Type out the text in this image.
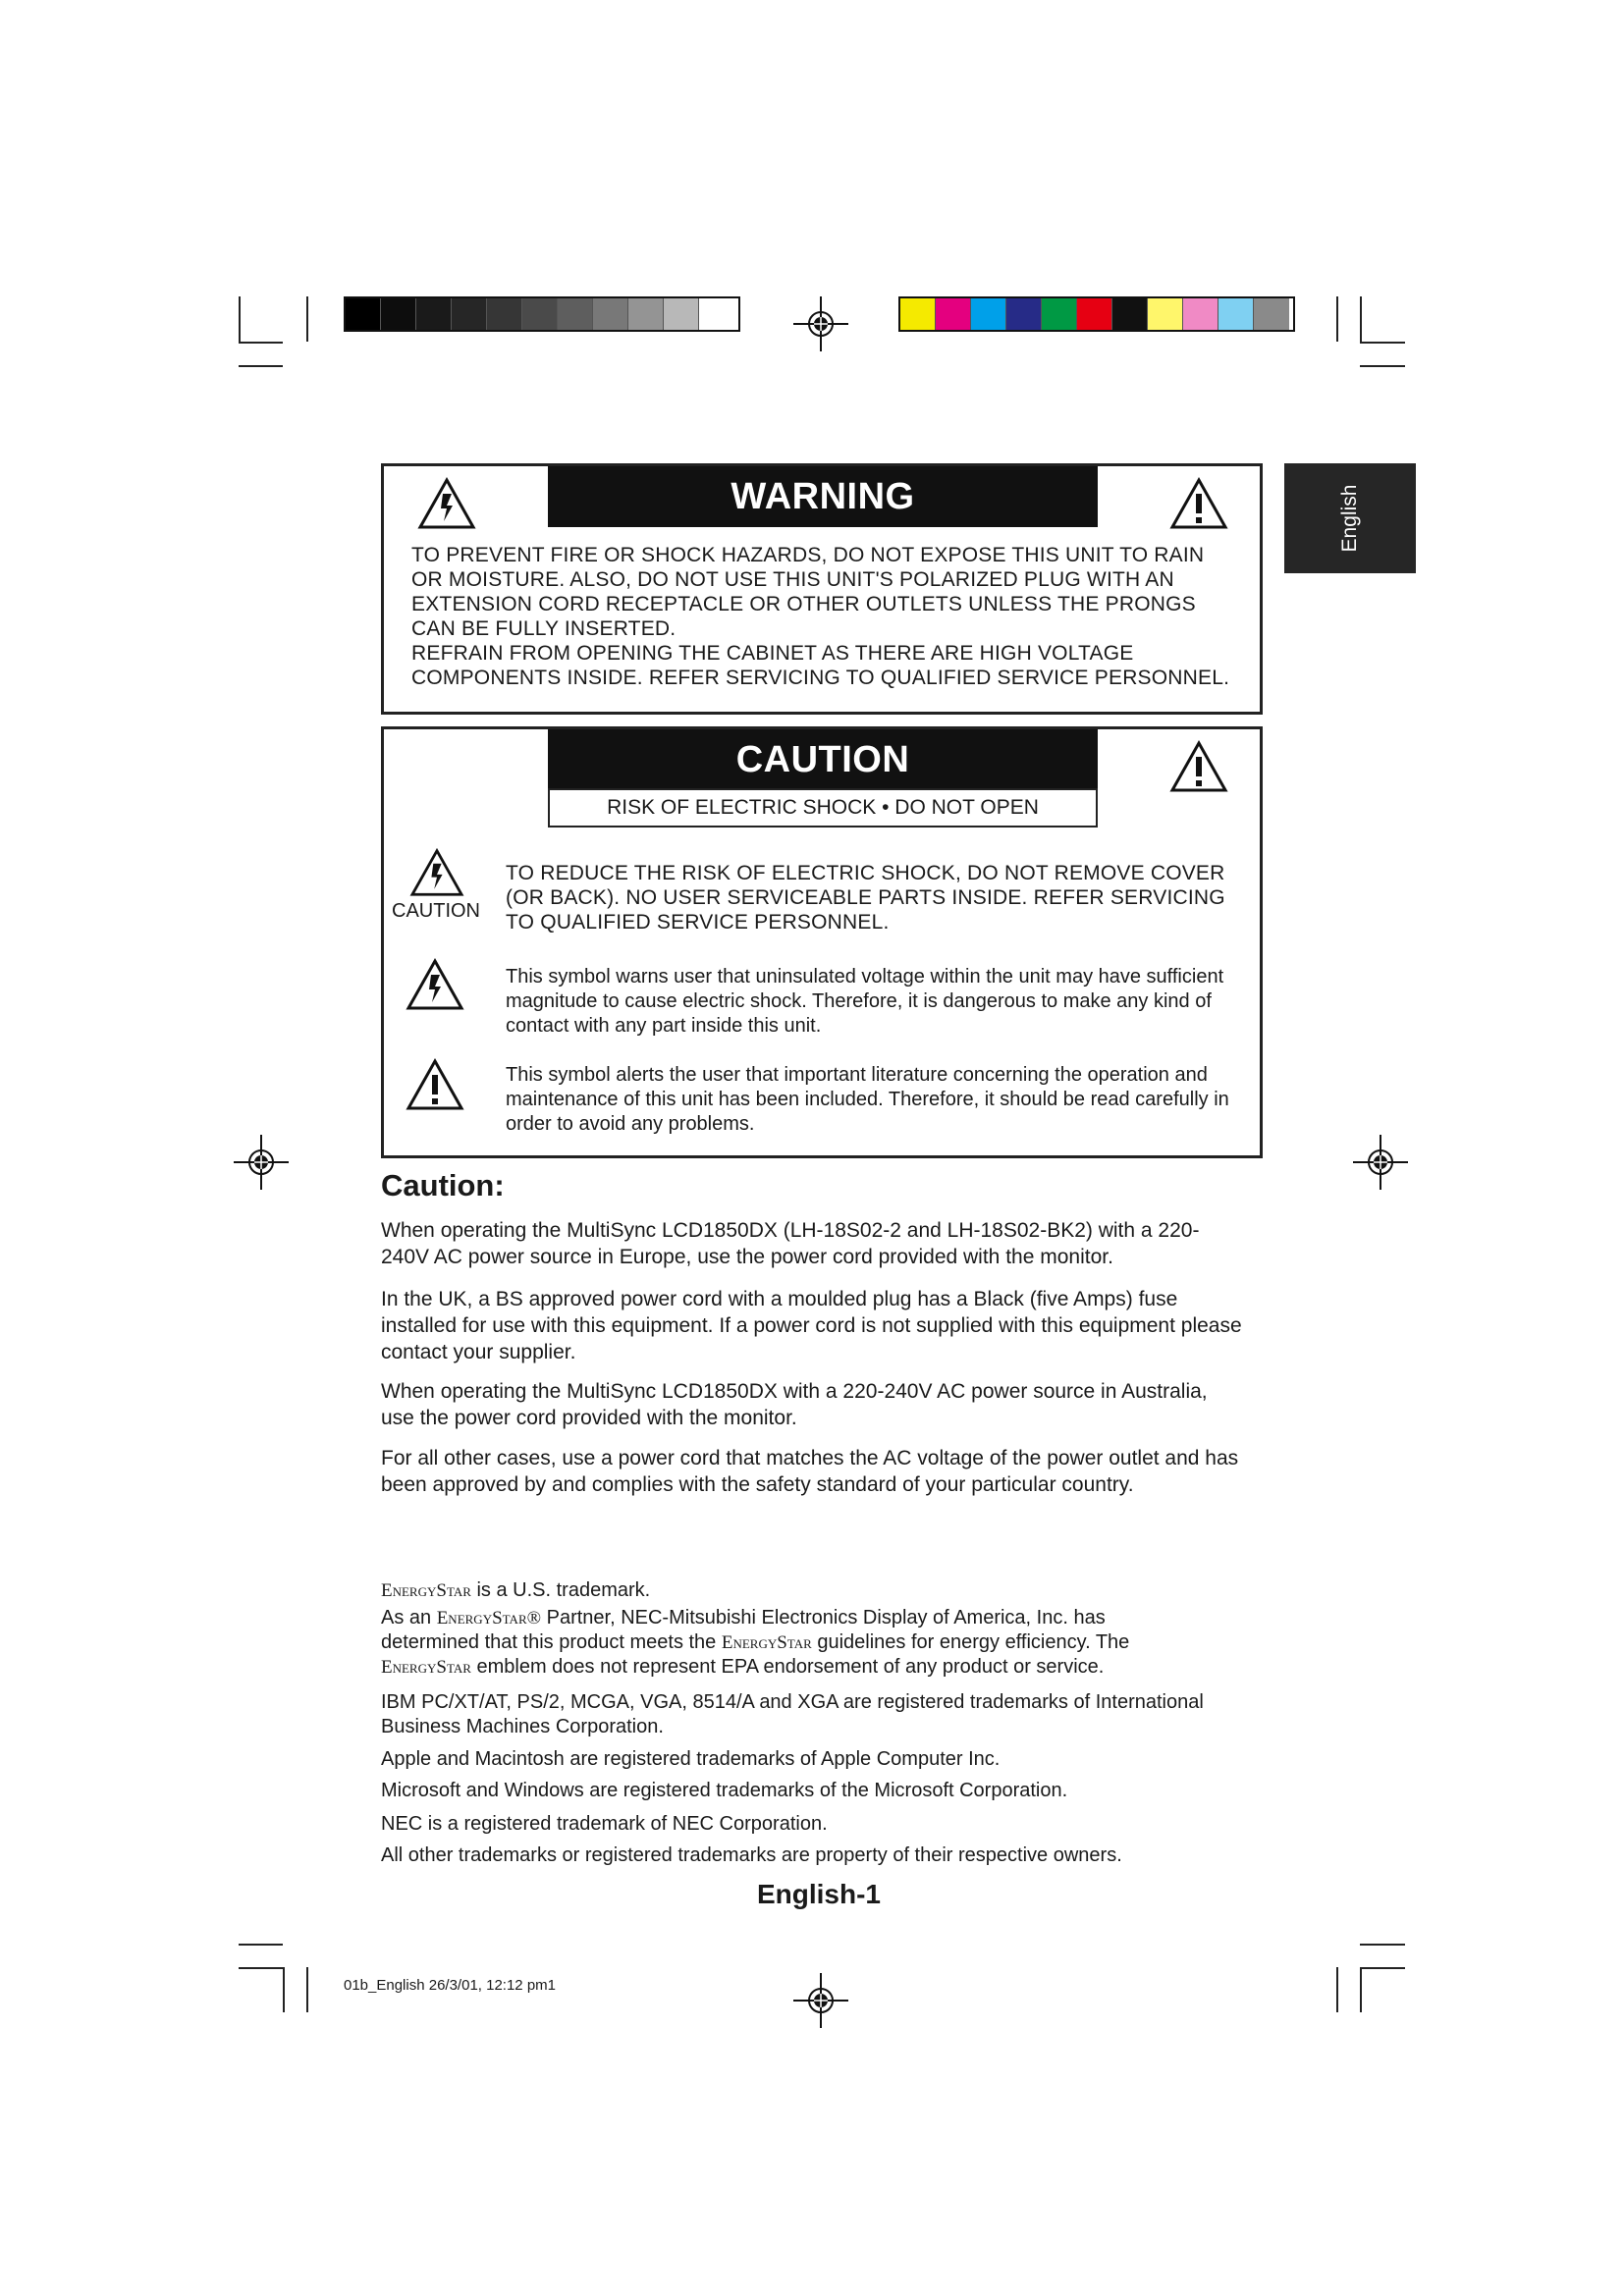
English
WARNING
TO PREVENT FIRE OR SHOCK HAZARDS, DO NOT EXPOSE THIS UNIT TO RAIN OR MOISTURE. ALSO, DO NOT USE THIS UNIT'S POLARIZED PLUG WITH AN EXTENSION CORD RECEPTACLE OR OTHER OUTLETS UNLESS THE PRONGS CAN BE FULLY INSERTED.
REFRAIN FROM OPENING THE CABINET AS THERE ARE HIGH VOLTAGE COMPONENTS INSIDE. REFER SERVICING TO QUALIFIED SERVICE PERSONNEL.
CAUTION
RISK OF ELECTRIC SHOCK • DO NOT OPEN
CAUTION
TO REDUCE THE RISK OF ELECTRIC SHOCK, DO NOT REMOVE COVER (OR BACK). NO USER SERVICEABLE PARTS INSIDE. REFER SERVICING TO QUALIFIED SERVICE PERSONNEL.
This symbol warns user that uninsulated voltage within the unit may have sufficient magnitude to cause electric shock. Therefore, it is dangerous to make any kind of contact with any part inside this unit.
This symbol alerts the user that important literature concerning the operation and maintenance of this unit has been included. Therefore, it should be read carefully in order to avoid any problems.
Caution:
When operating the MultiSync LCD1850DX (LH-18S02-2 and LH-18S02-BK2) with a 220-240V AC power source in Europe, use the power cord provided with the monitor.
In the UK, a BS approved power cord with a moulded plug has a Black (five Amps) fuse installed for use with this equipment. If a power cord is not supplied with this equipment please contact your supplier.
When operating the MultiSync LCD1850DX with a 220-240V AC power source in Australia, use the power cord provided with the monitor.
For all other cases, use a power cord that matches the AC voltage of the power outlet and has been approved by and complies with the safety standard of your particular country.
EnergyStar is a U.S. trademark.
As an EnergyStar® Partner, NEC-Mitsubishi Electronics Display of America, Inc. has determined that this product meets the EnergyStar guidelines for energy efficiency. The EnergyStar emblem does not represent EPA endorsement of any product or service.
IBM PC/XT/AT, PS/2, MCGA, VGA, 8514/A and XGA are registered trademarks of International Business Machines Corporation.
Apple and Macintosh are registered trademarks of Apple Computer Inc.
Microsoft and Windows are registered trademarks of the Microsoft Corporation.
NEC is a registered trademark of NEC Corporation.
All other trademarks or registered trademarks are property of their respective owners.
English-1
01b_English 26/3/01, 12:12 pm1
